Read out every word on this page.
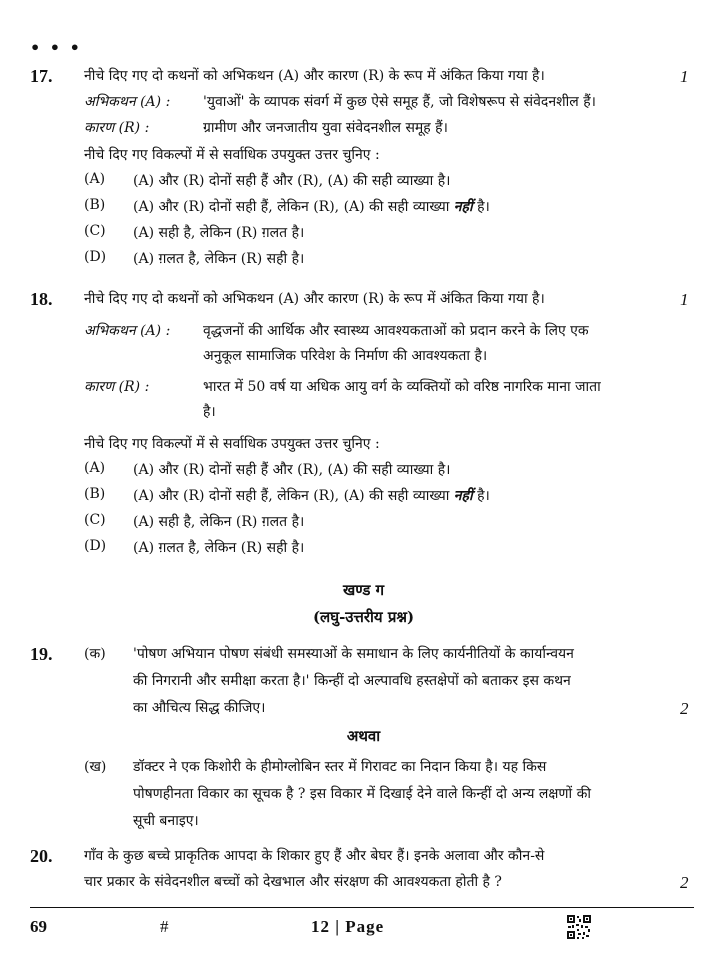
• • •
17.	1
नीचे दिए गए दो कथनों को अभिकथन (A) और कारण (R) के रूप में अंकित किया गया है।
अभिकथन (A) : 'युवाओं' के व्यापक संवर्ग में कुछ ऐसे समूह हैं, जो विशेषरूप से संवेदनशील हैं।
कारण (R) :	ग्रामीण और जनजातीय युवा संवेदनशील समूह हैं।
नीचे दिए गए विकल्पों में से सर्वाधिक उपयुक्त उत्तर चुनिए :
(A) (A) और (R) दोनों सही हैं और (R), (A) की सही व्याख्या है।
(B) (A) और (R) दोनों सही हैं, लेकिन (R), (A) की सही व्याख्या नहीं है।
(C) (A) सही है, लेकिन (R) ग़लत है।
(D) (A) ग़लत है, लेकिन (R) सही है।
18.	1
नीचे दिए गए दो कथनों को अभिकथन (A) और कारण (R) के रूप में अंकित किया गया है।
अभिकथन (A) : वृद्धजनों की आर्थिक और स्वास्थ्य आवश्यकताओं को प्रदान करने के लिए एक
अनुकूल सामाजिक परिवेश के निर्माण की आवश्यकता है।
कारण (R) :	भारत में 50 वर्ष या अधिक आयु वर्ग के व्यक्तियों को वरिष्ठ नागरिक माना जाता
है।
नीचे दिए गए विकल्पों में से सर्वाधिक उपयुक्त उत्तर चुनिए :
(A) (A) और (R) दोनों सही हैं और (R), (A) की सही व्याख्या है।
(B) (A) और (R) दोनों सही हैं, लेकिन (R), (A) की सही व्याख्या नहीं है।
(C) (A) सही है, लेकिन (R) ग़लत है।
(D) (A) ग़लत है, लेकिन (R) सही है।
खण्ड ग
(लघु-उत्तरीय प्रश्न)
19. (क) 'पोषण अभियान पोषण संबंधी समस्याओं के समाधान के लिए कार्यनीतियों के कार्यान्वयन
की निगरानी और समीक्षा करता है।' किन्हीं दो अल्पावधि हस्तक्षेपों को बताकर इस कथन
का औचित्य सिद्ध कीजिए।	2
अथवा
(ख) डॉक्टर ने एक किशोरी के हीमोग्लोबिन स्तर में गिरावट का निदान किया है। यह किस
पोषणहीनता विकार का सूचक है ? इस विकार में दिखाई देने वाले किन्हीं दो अन्य लक्षणों की
सूची बनाइए।
20. गाँव के कुछ बच्चे प्राकृतिक आपदा के शिकार हुए हैं और बेघर हैं। इनके अलावा और कौन-से
चार प्रकार के संवेदनशील बच्चों को देखभाल और संरक्षण की आवश्यकता होती है ?	2
69	#	12 | Page
